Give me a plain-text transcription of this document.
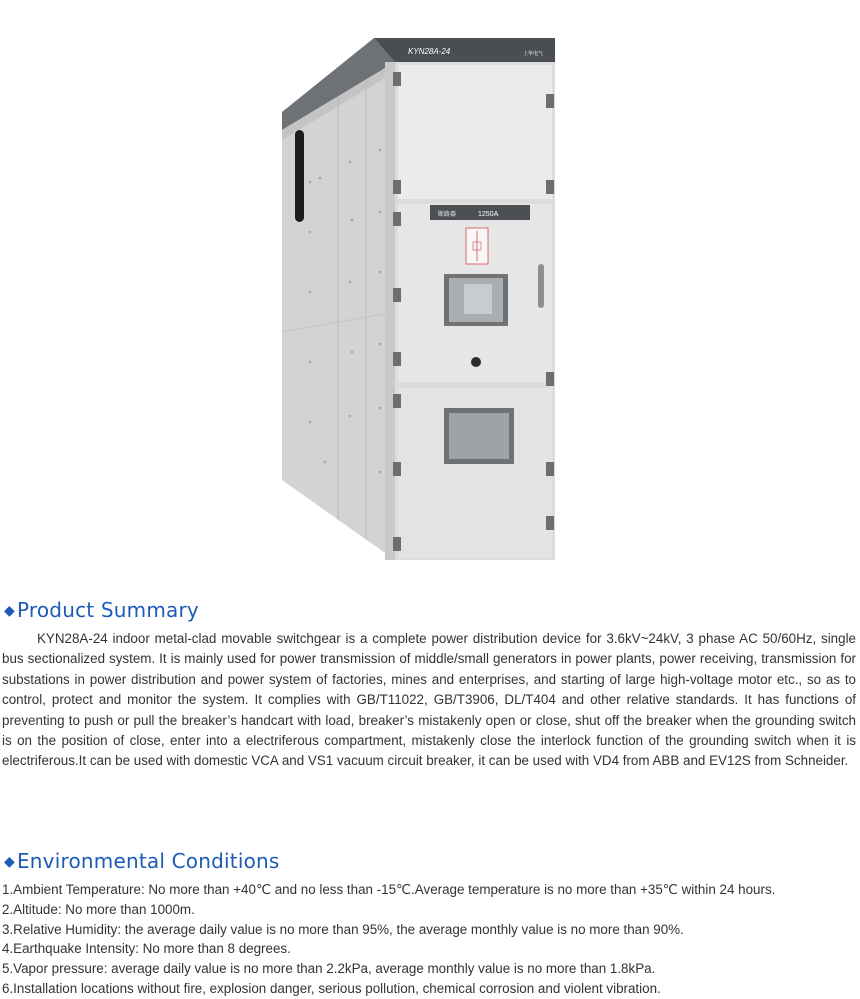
KYN28A-24	上华电气
断路器	1250A
◆ Product Summary

KYN28A-24 indoor metal-clad movable switchgear is a complete power distribution device for 3.6kV~24kV, 3 phase AC 50/60Hz, single bus sectionalized system. It is mainly used for power transmission of middle/small generators in power plants, power receiving, transmission for substations in power distribution and power system of factories, mines and enterprises, and starting of large high-voltage motor etc., so as to control, protect and monitor the system. It complies with GB/T11022, GB/T3906, DL/T404 and other relative standards. It has functions of preventing to push or pull the breaker’s handcart with load, breaker’s mistakenly open or close, shut off the breaker when the grounding switch is on the position of close, enter into a electriferous compartment, mistakenly close the interlock function of the grounding switch when it is electriferous.It can be used with domestic VCA and VS1 vacuum circuit breaker, it can be used with VD4 from ABB and EV12S from Schneider.

◆ Environmental Conditions
1.Ambient Temperature: No more than +40℃ and no less than -15℃.Average temperature is no more than +35℃ within 24 hours.
2.Altitude: No more than 1000m.
3.Relative Humidity: the average daily value is no more than 95%, the average monthly value is no more than 90%.
4.Earthquake Intensity: No more than 8 degrees.
5.Vapor pressure: average daily value is no more than 2.2kPa, average monthly value is no more than 1.8kPa.
6.Installation locations without fire, explosion danger, serious pollution, chemical corrosion and violent vibration.
